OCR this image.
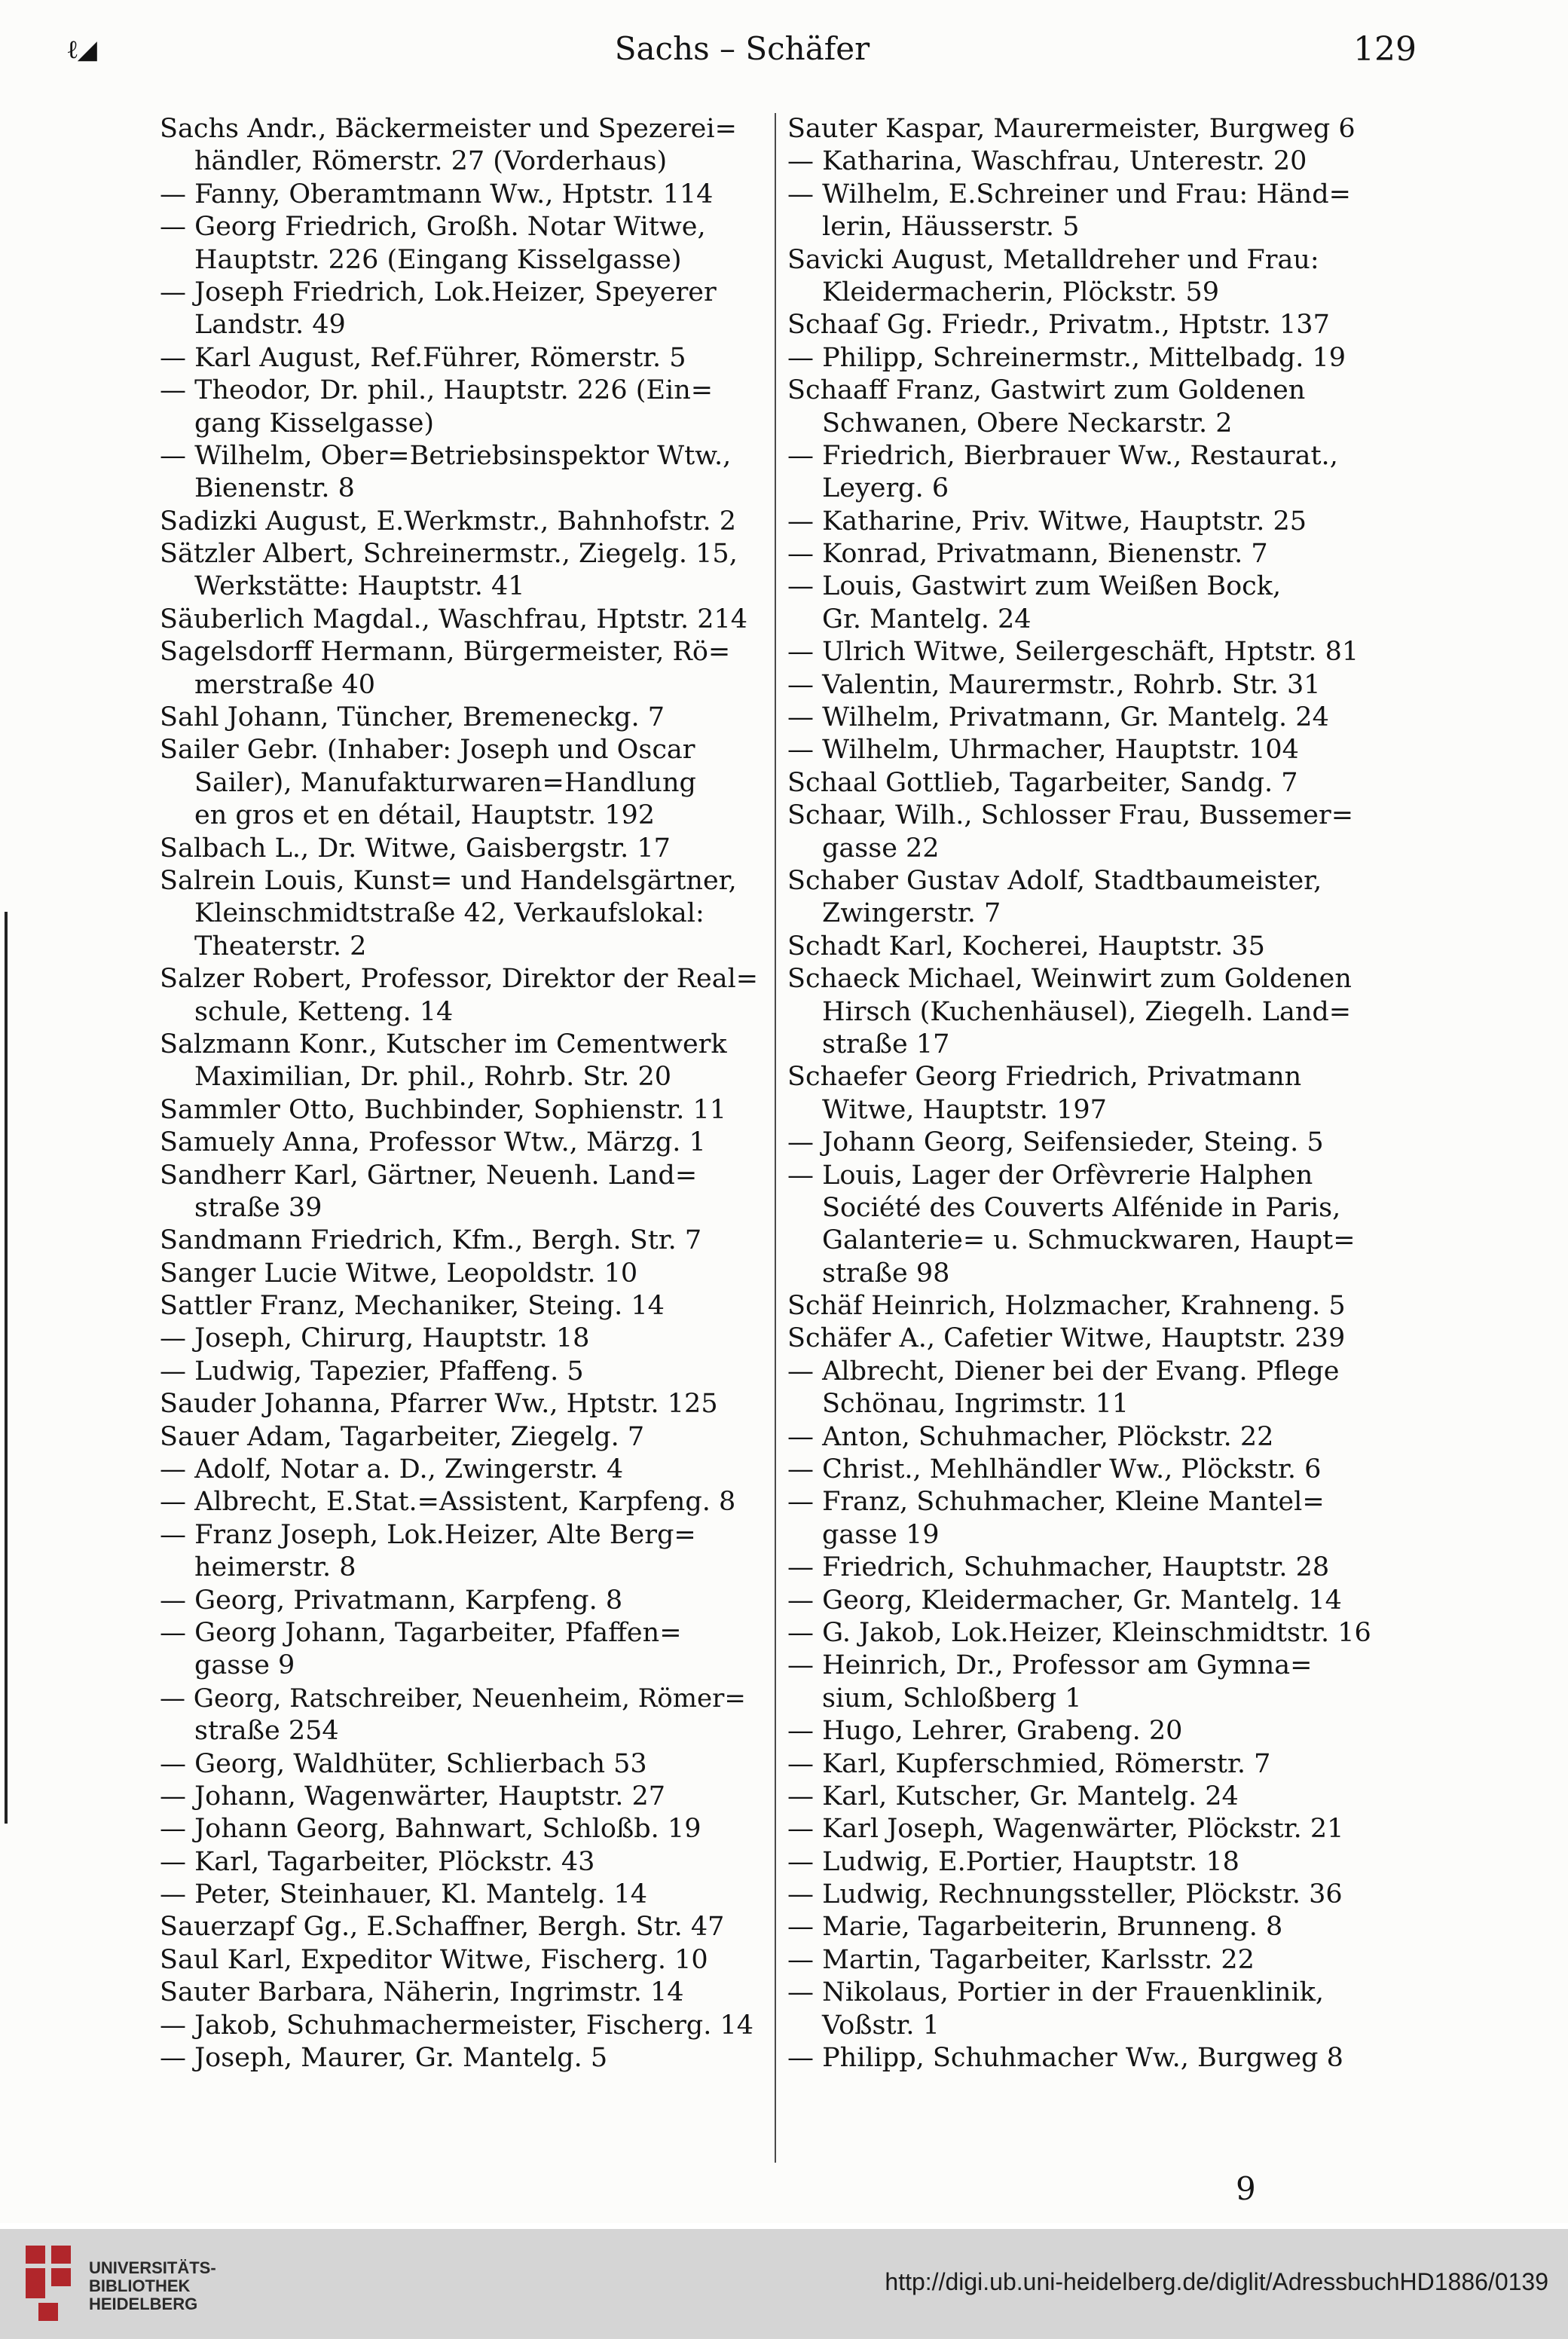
ℓ◢	Sachs – Schäfer	129
Sachs Andr., Bäckermeister und Spezerei=
händler, Römerstr. 27 (Vorderhaus)
— Fanny, Oberamtmann Ww., Hptstr. 114
— Georg Friedrich, Großh. Notar Witwe,
Hauptstr. 226 (Eingang Kisselgasse)
— Joseph Friedrich, Lok.Heizer, Speyerer
Landstr. 49
— Karl August, Ref.Führer, Römerstr. 5
— Theodor, Dr. phil., Hauptstr. 226 (Ein=
gang Kisselgasse)
— Wilhelm, Ober=Betriebsinspektor Wtw.,
Bienenstr. 8
Sadizki August, E.Werkmstr., Bahnhofstr. 2
Sätzler Albert, Schreinermstr., Ziegelg. 15,
Werkstätte: Hauptstr. 41
Säuberlich Magdal., Waschfrau, Hptstr. 214
Sagelsdorff Hermann, Bürgermeister, Rö=
merstraße 40
Sahl Johann, Tüncher, Bremeneckg. 7
Sailer Gebr. (Inhaber: Joseph und Oscar
Sailer), Manufakturwaren=Handlung
en gros et en détail, Hauptstr. 192
Salbach L., Dr. Witwe, Gaisbergstr. 17
Salrein Louis, Kunst= und Handelsgärtner,
Kleinschmidtstraße 42, Verkaufslokal:
Theaterstr. 2
Salzer Robert, Professor, Direktor der Real=
schule, Ketteng. 14
Salzmann Konr., Kutscher im Cementwerk
Maximilian, Dr. phil., Rohrb. Str. 20
Sammler Otto, Buchbinder, Sophienstr. 11
Samuely Anna, Professor Wtw., Märzg. 1
Sandherr Karl, Gärtner, Neuenh. Land=
straße 39
Sandmann Friedrich, Kfm., Bergh. Str. 7
Sanger Lucie Witwe, Leopoldstr. 10
Sattler Franz, Mechaniker, Steing. 14
— Joseph, Chirurg, Hauptstr. 18
— Ludwig, Tapezier, Pfaffeng. 5
Sauder Johanna, Pfarrer Ww., Hptstr. 125
Sauer Adam, Tagarbeiter, Ziegelg. 7
— Adolf, Notar a. D., Zwingerstr. 4
— Albrecht, E.Stat.=Assistent, Karpfeng. 8
— Franz Joseph, Lok.Heizer, Alte Berg=
heimerstr. 8
— Georg, Privatmann, Karpfeng. 8
— Georg Johann, Tagarbeiter, Pfaffen=
gasse 9
— Georg, Ratschreiber, Neuenheim, Römer=
straße 254
— Georg, Waldhüter, Schlierbach 53
— Johann, Wagenwärter, Hauptstr. 27
— Johann Georg, Bahnwart, Schloßb. 19
— Karl, Tagarbeiter, Plöckstr. 43
— Peter, Steinhauer, Kl. Mantelg. 14
Sauerzapf Gg., E.Schaffner, Bergh. Str. 47
Saul Karl, Expeditor Witwe, Fischerg. 10
Sauter Barbara, Näherin, Ingrimstr. 14
— Jakob, Schuhmachermeister, Fischerg. 14
— Joseph, Maurer, Gr. Mantelg. 5
Sauter Kaspar, Maurermeister, Burgweg 6
— Katharina, Waschfrau, Unterestr. 20
— Wilhelm, E.Schreiner und Frau: Händ=
lerin, Häusserstr. 5
Savicki August, Metalldreher und Frau:
Kleidermacherin, Plöckstr. 59
Schaaf Gg. Friedr., Privatm., Hptstr. 137
— Philipp, Schreinermstr., Mittelbadg. 19
Schaaff Franz, Gastwirt zum Goldenen
Schwanen, Obere Neckarstr. 2
— Friedrich, Bierbrauer Ww., Restaurat.,
Leyerg. 6
— Katharine, Priv. Witwe, Hauptstr. 25
— Konrad, Privatmann, Bienenstr. 7
— Louis, Gastwirt zum Weißen Bock,
Gr. Mantelg. 24
— Ulrich Witwe, Seilergeschäft, Hptstr. 81
— Valentin, Maurermstr., Rohrb. Str. 31
— Wilhelm, Privatmann, Gr. Mantelg. 24
— Wilhelm, Uhrmacher, Hauptstr. 104
Schaal Gottlieb, Tagarbeiter, Sandg. 7
Schaar, Wilh., Schlosser Frau, Bussemer=
gasse 22
Schaber Gustav Adolf, Stadtbaumeister,
Zwingerstr. 7
Schadt Karl, Kocherei, Hauptstr. 35
Schaeck Michael, Weinwirt zum Goldenen
Hirsch (Kuchenhäusel), Ziegelh. Land=
straße 17
Schaefer Georg Friedrich, Privatmann
Witwe, Hauptstr. 197
— Johann Georg, Seifensieder, Steing. 5
— Louis, Lager der Orfèvrerie Halphen
Société des Couverts Alfénide in Paris,
Galanterie= u. Schmuckwaren, Haupt=
straße 98
Schäf Heinrich, Holzmacher, Krahneng. 5
Schäfer A., Cafetier Witwe, Hauptstr. 239
— Albrecht, Diener bei der Evang. Pflege
Schönau, Ingrimstr. 11
— Anton, Schuhmacher, Plöckstr. 22
— Christ., Mehlhändler Ww., Plöckstr. 6
— Franz, Schuhmacher, Kleine Mantel=
gasse 19
— Friedrich, Schuhmacher, Hauptstr. 28
— Georg, Kleidermacher, Gr. Mantelg. 14
— G. Jakob, Lok.Heizer, Kleinschmidtstr. 16
— Heinrich, Dr., Professor am Gymna=
sium, Schloßberg 1
— Hugo, Lehrer, Grabeng. 20
— Karl, Kupferschmied, Römerstr. 7
— Karl, Kutscher, Gr. Mantelg. 24
— Karl Joseph, Wagenwärter, Plöckstr. 21
— Ludwig, E.Portier, Hauptstr. 18
— Ludwig, Rechnungssteller, Plöckstr. 36
— Marie, Tagarbeiterin, Brunneng. 8
— Martin, Tagarbeiter, Karlsstr. 22
— Nikolaus, Portier in der Frauenklinik,
Voßstr. 1
— Philipp, Schuhmacher Ww., Burgweg 8
9
UNIVERSITÄTS-
BIBLIOTHEK
HEIDELBERG
http://digi.ub.uni-heidelberg.de/diglit/AdressbuchHD1886/0139
